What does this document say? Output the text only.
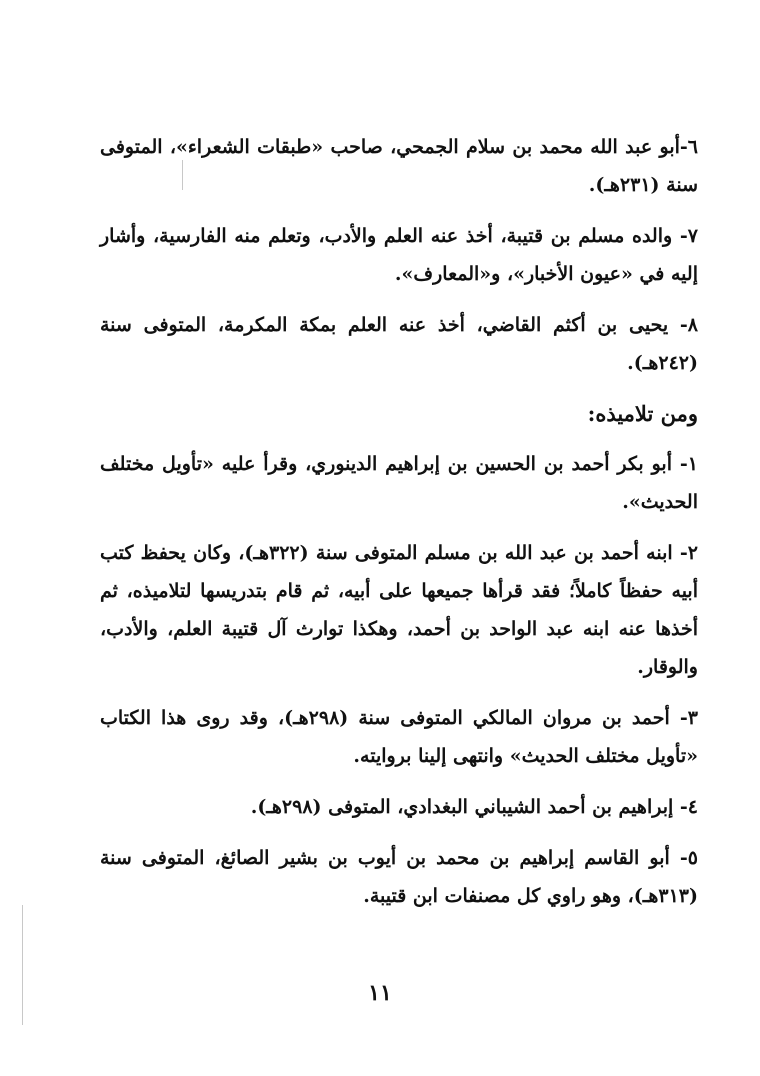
٦-أبو عبد الله محمد بن سلام الجمحي، صاحب «طبقات الشعراء»، المتوفى سنة (٢٣١هـ).

٧- والده مسلم بن قتيبة، أخذ عنه العلم والأدب، وتعلم منه الفارسية، وأشار إليه في «عيون الأخبار»، و«المعارف».

٨- يحيى بن أكثم القاضي، أخذ عنه العلم بمكة المكرمة، المتوفى سنة (٢٤٢هـ).

ومن تلاميذه:

١- أبو بكر أحمد بن الحسين بن إبراهيم الدينوري، وقرأ عليه «تأويل مختلف الحديث».

٢- ابنه أحمد بن عبد الله بن مسلم المتوفى سنة (٣٢٢هـ)، وكان يحفظ كتب أبيه حفظاً كاملاً؛ فقد قرأها جميعها على أبيه، ثم قام بتدريسها لتلاميذه، ثم أخذها عنه ابنه عبد الواحد بن أحمد، وهكذا توارث آل قتيبة العلم، والأدب، والوقار.

٣- أحمد بن مروان المالكي المتوفى سنة (٢٩٨هـ)، وقد روى هذا الكتاب «تأويل مختلف الحديث» وانتهى إلينا بروايته.

٤- إبراهيم بن أحمد الشيباني البغدادي، المتوفى (٢٩٨هـ).

٥- أبو القاسم إبراهيم بن محمد بن أيوب بن بشير الصائغ، المتوفى سنة (٣١٣هـ)، وهو راوي كل مصنفات ابن قتيبة.

١١
